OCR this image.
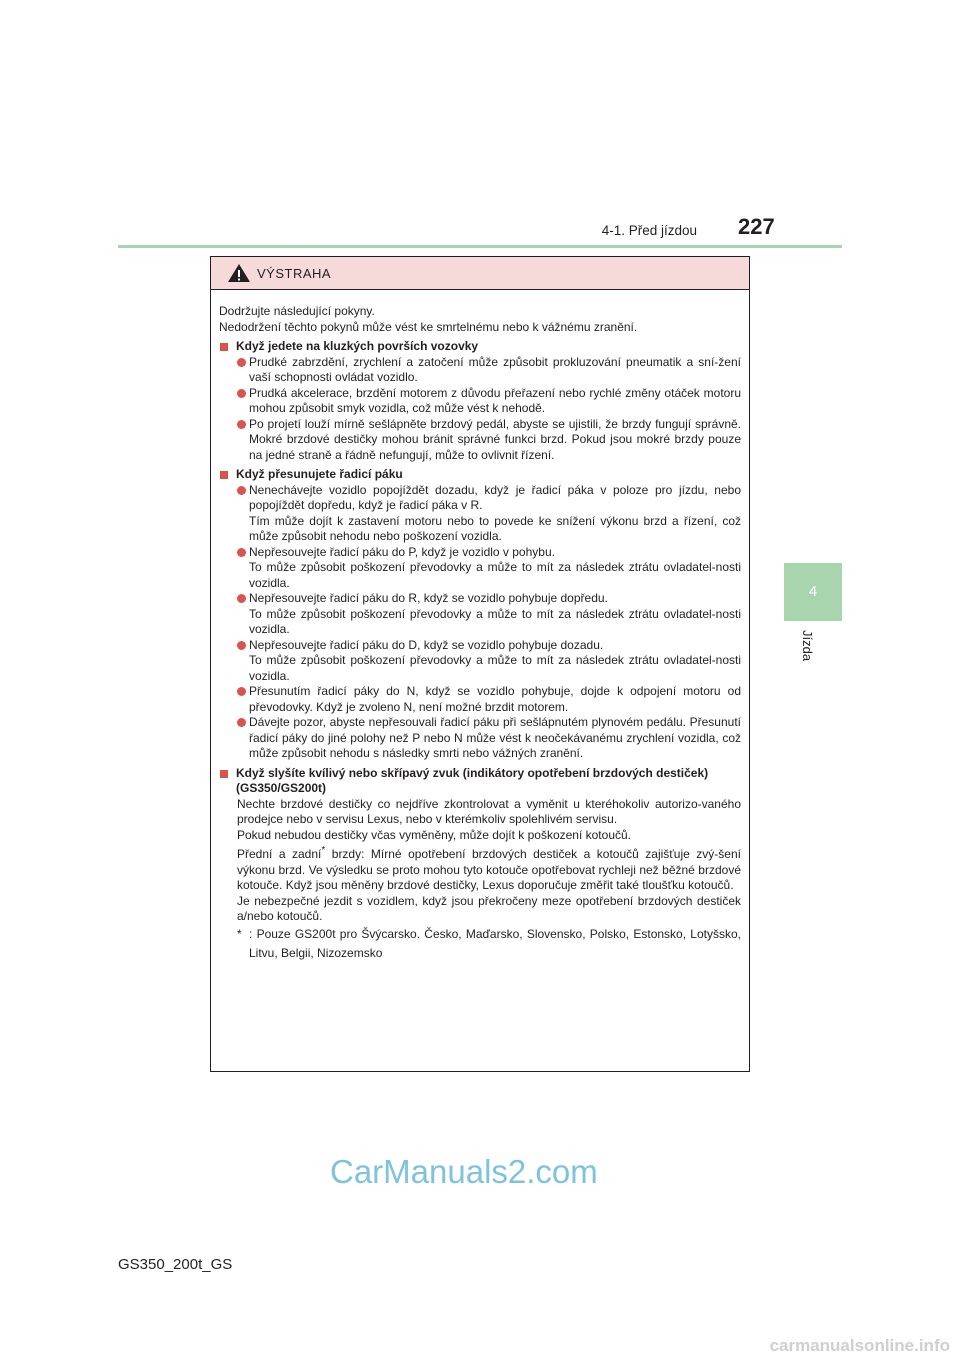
4-1. Před jízdou 227
4
Jízda
VÝSTRAHA

Dodržujte následující pokyny.
Nedodržení těchto pokynů může vést ke smrtelnému nebo k vážnému zranění.

Když jedete na kluzkých površích vozovky

Prudké zabrzdění, zrychlení a zatočení může způsobit prokluzování pneumatik a sní-žení vaší schopnosti ovládat vozidlo.

Prudká akcelerace, brzdění motorem z důvodu přeřazení nebo rychlé změny otáček motoru mohou způsobit smyk vozidla, což může vést k nehodě.

Po projetí louží mírně sešlápněte brzdový pedál, abyste se ujistili, že brzdy fungují správně. Mokré brzdové destičky mohou bránit správné funkci brzd. Pokud jsou mokré brzdy pouze na jedné straně a řádně nefungují, může to ovlivnit řízení.

Když přesunujete řadicí páku

Nenechávejte vozidlo popojíždět dozadu, když je řadicí páka v poloze pro jízdu, nebo popojíždět dopředu, když je řadicí páka v R.
Tím může dojít k zastavení motoru nebo to povede ke snížení výkonu brzd a řízení, což může způsobit nehodu nebo poškození vozidla.

Nepřesouvejte řadicí páku do P, když je vozidlo v pohybu.
To může způsobit poškození převodovky a může to mít za následek ztrátu ovladatel-nosti vozidla.

Nepřesouvejte řadicí páku do R, když se vozidlo pohybuje dopředu.
To může způsobit poškození převodovky a může to mít za následek ztrátu ovladatel-nosti vozidla.

Nepřesouvejte řadicí páku do D, když se vozidlo pohybuje dozadu.
To může způsobit poškození převodovky a může to mít za následek ztrátu ovladatel-nosti vozidla.

Přesunutím řadicí páky do N, když se vozidlo pohybuje, dojde k odpojení motoru od převodovky. Když je zvoleno N, není možné brzdit motorem.

Dávejte pozor, abyste nepřesouvali řadicí páku při sešlápnutém plynovém pedálu. Přesunutí řadicí páky do jiné polohy než P nebo N může vést k neočekávanému zrychlení vozidla, což může způsobit nehodu s následky smrti nebo vážných zranění.

Když slyšíte kvílivý nebo skřípavý zvuk (indikátory opotřebení brzdových destiček) (GS350/GS200t)

Nechte brzdové destičky co nejdříve zkontrolovat a vyměnit u kteréhokoliv autorizo-vaného prodejce nebo v servisu Lexus, nebo v kterémkoliv spolehlivém servisu.
Pokud nebudou destičky včas vyměněny, může dojít k poškození kotoučů.

Přední a zadní* brzdy: Mírné opotřebení brzdových destiček a kotoučů zajišťuje zvý-šení výkonu brzd. Ve výsledku se proto mohou tyto kotouče opotřebovat rychleji než běžné brzdové kotouče. Když jsou měněny brzdové destičky, Lexus doporučuje změřit také tloušťku kotoučů.
Je nebezpečné jezdit s vozidlem, když jsou překročeny meze opotřebení brzdových destiček a/nebo kotoučů.

* : Pouze GS200t pro Švýcarsko. Česko, Maďarsko, Slovensko, Polsko, Estonsko, Lotyšsko, Litvu, Belgii, Nizozemsko

CarManuals2.com
GS350_200t_GS
carmanualsonline.info
